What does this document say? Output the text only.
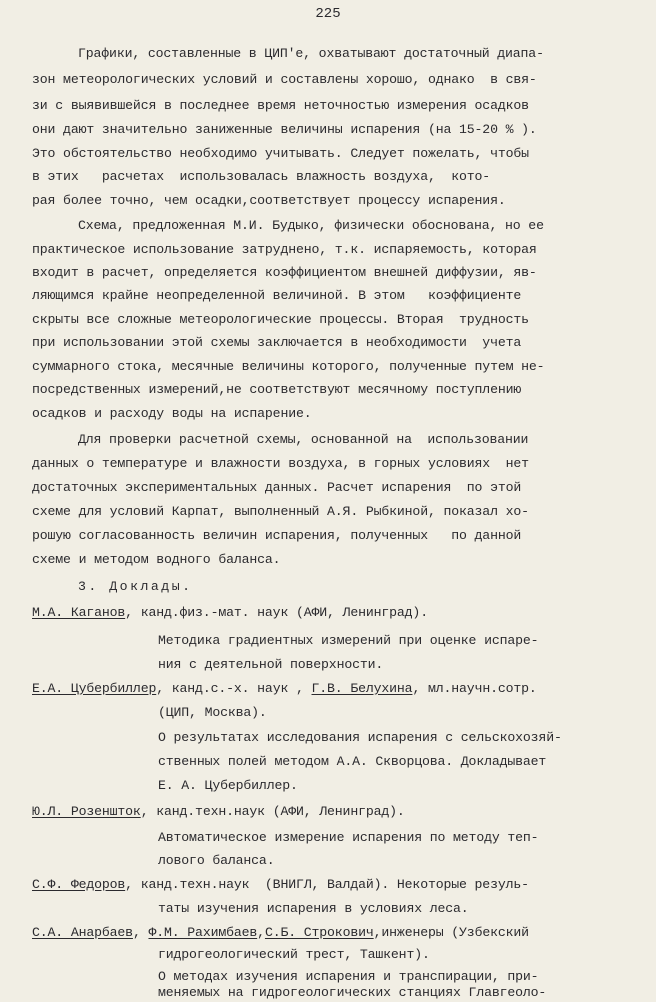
225
Графики, составленные в ЦИП'е, охватывают достаточный диапа-
зон метеорологических условий и составлены хорошо, однако  в свя-
зи с выявившейся в последнее время неточностью измерения осадков
они дают значительно заниженные величины испарения (на 15-20 % ).
Это обстоятельство необходимо учитывать. Следует пожелать, чтобы
в этих   расчетах  использовалась влажность воздуха,  кото-
рая более точно, чем осадки,соответствует процессу испарения.
Схема, предложенная М.И. Будыко, физически обоснована, но ее
практическое использование затруднено, т.к. испаряемость, которая
входит в расчет, определяется коэффициентом внешней диффузии, яв-
ляющимся крайне неопределенной величиной. В этом   коэффициенте
скрыты все сложные метеорологические процессы. Вторая  трудность
при использовании этой схемы заключается в необходимости  учета
суммарного стока, месячные величины которого, полученные путем не-
посредственных измерений,не соответствуют месячному поступлению
осадков и расходу воды на испарение.
Для проверки расчетной схемы, основанной на  использовании
данных о температуре и влажности воздуха, в горных условиях  нет
достаточных экспериментальных данных. Расчет испарения  по этой
схеме для условий Карпат, выполненный А.Я. Рыбкиной, показал хо-
рошую согласованность величин испарения, полученных   по данной
схеме и методом водного баланса.
3. Доклады.
М.А. Каганов, канд.физ.-мат. наук (АФИ, Ленинград).
Методика градиентных измерений при оценке испаре-
ния с деятельной поверхности.
Е.А. Цубербиллер, канд.с.-х. наук , Г.В. Белухина, мл.научн.сотр.
(ЦИП, Москва).
О результатах исследования испарения с сельскохозяй-
ственных полей методом А.А. Скворцова. Докладывает
Е. А. Цубербиллер.
Ю.Л. Розеншток, канд.техн.наук (АФИ, Ленинград).
Автоматическое измерение испарения по методу теп-
лового баланса.
С.Ф. Федоров, канд.техн.наук  (ВНИГЛ, Валдай). Некоторые резуль-
таты изучения испарения в условиях леса.
С.А. Анарбаев, Ф.М. Рахимбаев,С.Б. Строкович,инженеры (Узбекский
гидрогеологический трест, Ташкент).
О методах изучения испарения и транспирации, при-
меняемых на гидрогеологических станциях Главгеоло-
